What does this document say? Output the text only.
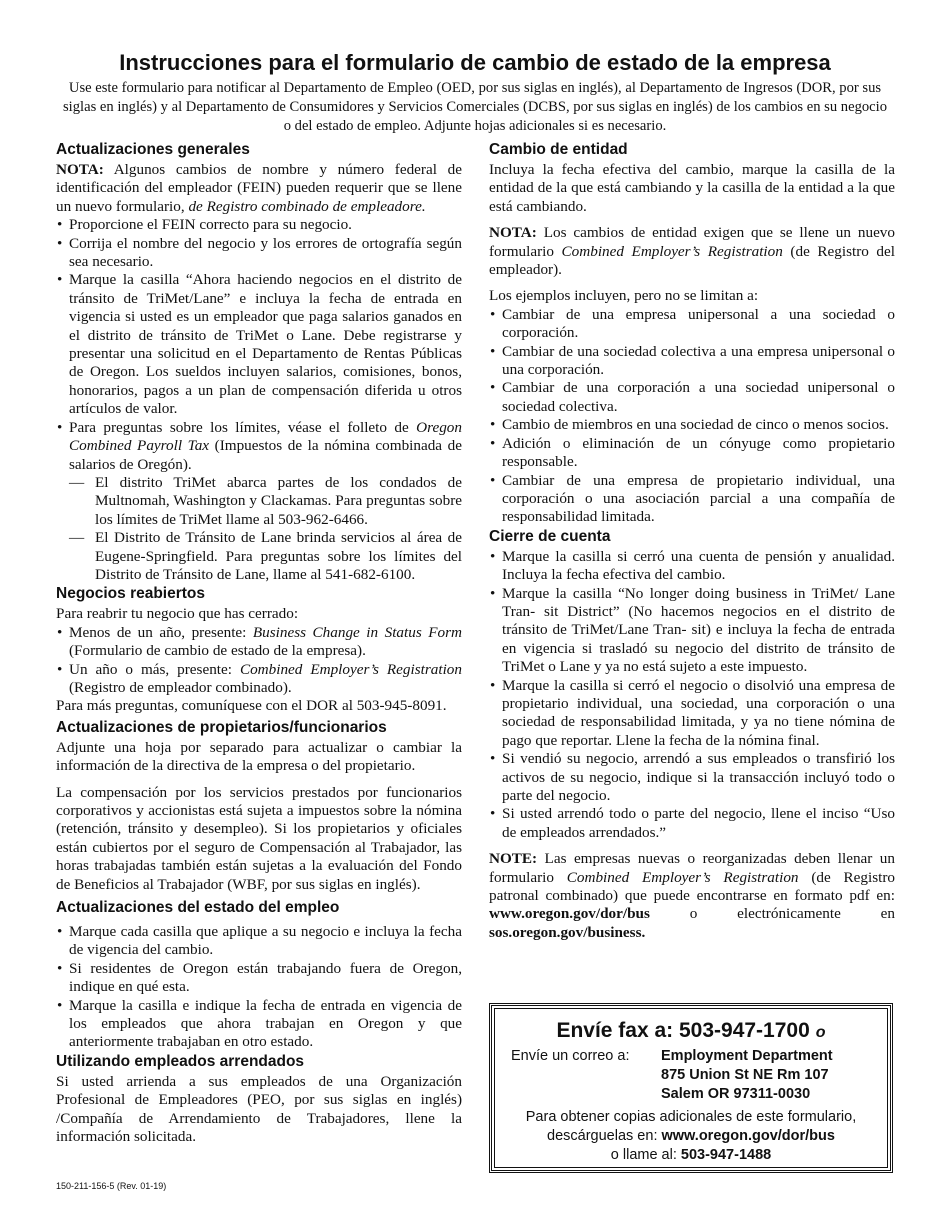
Instrucciones para el formulario de cambio de estado de la empresa
Use este formulario para notificar al Departamento de Empleo (OED, por sus siglas en inglés), al Departamento de Ingresos (DOR, por sus siglas en inglés) y al Departamento de Consumidores y Servicios Comerciales (DCBS, por sus siglas en inglés) de los cambios en su negocio o del estado de empleo. Adjunte hojas adicionales si es necesario.
Actualizaciones generales

NOTA: Algunos cambios de nombre y número federal de identificación del empleador (FEIN) pueden requerir que se llene un nuevo formulario, de Registro combinado de empleadore.

• Proporcione el FEIN correcto para su negocio.
• Corrija el nombre del negocio y los errores de ortografía según sea necesario.
• Marque la casilla “Ahora haciendo negocios en el distrito de tránsito de TriMet/Lane” e incluya la fecha de entrada en vigencia si usted es un empleador que paga salarios ganados en el distrito de tránsito de TriMet o Lane. Debe registrarse y presentar una solicitud en el Departamento de Rentas Públicas de Oregon. Los sueldos incluyen salarios, comisiones, bonos, honorarios, pagos a un plan de compensación diferida u otros artículos de valor.
• Para preguntas sobre los límites, véase el folleto de Oregon Combined Payroll Tax (Impuestos de la nómina combinada de salarios de Oregón).
— El distrito TriMet abarca partes de los condados de Multnomah, Washington y Clackamas. Para preguntas sobre los límites de TriMet llame al 503-962-6466.
— El Distrito de Tránsito de Lane brinda servicios al área de Eugene-Springfield. Para preguntas sobre los límites del Distrito de Tránsito de Lane, llame al 541-682-6100.
Negocios reabiertos
Para reabrir tu negocio que has cerrado:
• Menos de un año, presente: Business Change in Status Form (Formulario de cambio de estado de la empresa).
• Un año o más, presente: Combined Employer’s Registration (Registro de empleador combinado).

Para más preguntas, comuníquese con el DOR al 503-945-8091.

Actualizaciones de propietarios/funcionarios

Adjunte una hoja por separado para actualizar o cambiar la información de la directiva de la empresa o del propietario.

La compensación por los servicios prestados por funcionarios corporativos y accionistas está sujeta a impuestos sobre la nómina (retención, tránsito y desempleo). Si los propietarios y oficiales están cubiertos por el seguro de Compensación al Trabajador, las horas trabajadas también están sujetas a la evaluación del Fondo de Beneficios al Trabajador (WBF, por sus siglas en inglés).

Actualizaciones del estado del empleo
• Marque cada casilla que aplique a su negocio e incluya la fecha de vigencia del cambio.
• Si residentes de Oregon están trabajando fuera de Oregon, indique en qué esta.
• Marque la casilla e indique la fecha de entrada en vigencia de los empleados que ahora trabajan en Oregon y que anteriormente trabajaban en otro estado.
Utilizando empleados arrendados

Si usted arrienda a sus empleados de una Organización Profesional de Empleadores (PEO, por sus siglas en inglés) /Compañía de Arrendamiento de Trabajadores, llene la información solicitada.

Cambio de entidad

Incluya la fecha efectiva del cambio, marque la casilla de la entidad de la que está cambiando y la casilla de la entidad a la que está cambiando.

NOTA: Los cambios de entidad exigen que se llene un nuevo formulario Combined Employer’s Registration (de Registro del empleador).

Los ejemplos incluyen, pero no se limitan a:
• Cambiar de una empresa unipersonal a una sociedad o corporación.
• Cambiar de una sociedad colectiva a una empresa unipersonal o una corporación.
• Cambiar de una corporación a una sociedad unipersonal o sociedad colectiva.
• Cambio de miembros en una sociedad de cinco o menos socios.
• Adición o eliminación de un cónyuge como propietario responsable.
• Cambiar de una empresa de propietario individual, una corporación o una asociación parcial a una compañía de responsabilidad limitada.
Cierre de cuenta
• Marque la casilla si cerró una cuenta de pensión y anualidad. Incluya la fecha efectiva del cambio.
• Marque la casilla “No longer doing business in TriMet/ Lane Tran- sit District” (No hacemos negocios en el distrito de tránsito de TriMet/Lane Tran- sit) e incluya la fecha de entrada en vigencia si trasladó su negocio del distrito de tránsito de TriMet o Lane y ya no está sujeto a este impuesto.
• Marque la casilla si cerró el negocio o disolvió una empresa de propietario individual, una sociedad, una corporación o una sociedad de responsabilidad limitada, y ya no tiene nómina de pago que reportar. Llene la fecha de la nómina final.
• Si vendió su negocio, arrendó a sus empleados o transfirió los activos de su negocio, indique si la transacción incluyó todo o parte del negocio.
• Si usted arrendó todo o parte del negocio, llene el inciso “Uso de empleados arrendados.”

NOTE: Las empresas nuevas o reorganizadas deben llenar un formulario Combined Employer’s Registration (de Registro patronal combinado) que puede encontrarse en formato pdf en: www.oregon.gov/dor/bus o electrónicamente en sos.oregon.gov/business.

Envíe fax a: 503-947-1700 o
Envíe un correo a:	Employment Department
875 Union St NE Rm 107
Salem OR 97311-0030
Para obtener copias adicionales de este formulario,
descárguelas en: www.oregon.gov/dor/bus
o llame al: 503-947-1488
150-211-156-5 (Rev. 01-19)
